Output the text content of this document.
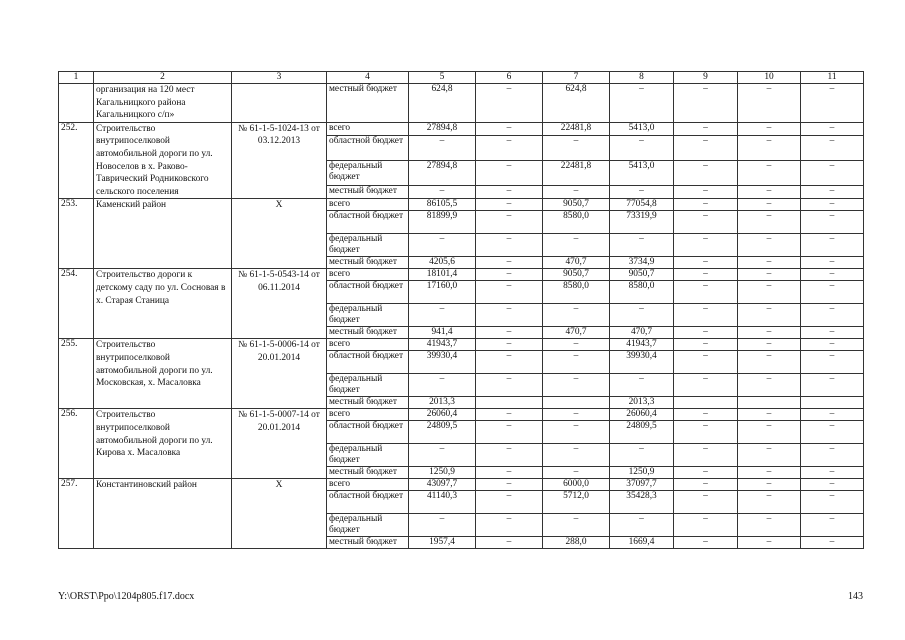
1	2	3	4	5	6	7	8	9	10	11
	организация на 120 мест Кагальницкого района Кагальницкого с/п»		местный бюджет	624,8	–	624,8	–	–	–	–
252.	Строительство внутрипоселковой автомобильной дороги по ул. Новоселов в х. Раково-Таврический Родниковского сельского поселения	№ 61-1-5-1024-13 от 03.12.2013	всего	27894,8	–	22481,8	5413,0	–	–	–
			областной бюджет	–	–	–	–	–	–	–
			федеральный бюджет	27894,8	–	22481,8	5413,0	–	–	–
			местный бюджет	–	–	–	–	–	–	–
253.	Каменский район	Х	всего	86105,5	–	9050,7	77054,8	–	–	–
			областной бюджет	81899,9	–	8580,0	73319,9	–	–	–
			федеральный бюджет	–	–	–	–	–	–	–
			местный бюджет	4205,6	–	470,7	3734,9	–	–	–
254.	Строительство дороги к детскому саду по ул. Сосновая в х. Старая Станица	№ 61-1-5-0543-14 от 06.11.2014	всего	18101,4	–	9050,7	9050,7	–	–	–
			областной бюджет	17160,0	–	8580,0	8580,0	–	–	–
			федеральный бюджет	–	–	–	–	–	–	–
			местный бюджет	941,4	–	470,7	470,7	–	–	–
255.	Строительство внутрипоселковой автомобильной дороги по ул. Московская, х. Масаловка	№ 61-1-5-0006-14 от 20.01.2014	всего	41943,7	–	–	41943,7	–	–	–
			областной бюджет	39930,4	–	–	39930,4	–	–	–
			федеральный бюджет	–	–	–	–	–	–	–
			местный бюджет	2013,3			2013,3			
256.	Строительство внутрипоселковой автомобильной дороги по ул. Кирова х. Масаловка	№ 61-1-5-0007-14 от 20.01.2014	всего	26060,4	–	–	26060,4	–	–	–
			областной бюджет	24809,5	–	–	24809,5	–	–	–
			федеральный бюджет	–	–	–	–	–	–	–
			местный бюджет	1250,9	–	–	1250,9	–	–	–
257.	Константиновский район	Х	всего	43097,7	–	6000,0	37097,7	–	–	–
			областной бюджет	41140,3	–	5712,0	35428,3	–	–	–
			федеральный бюджет	–	–	–	–	–	–	–
			местный бюджет	1957,4	–	288,0	1669,4	–	–	–
Y:\ORST\Ppo\1204p805.f17.docx	143
